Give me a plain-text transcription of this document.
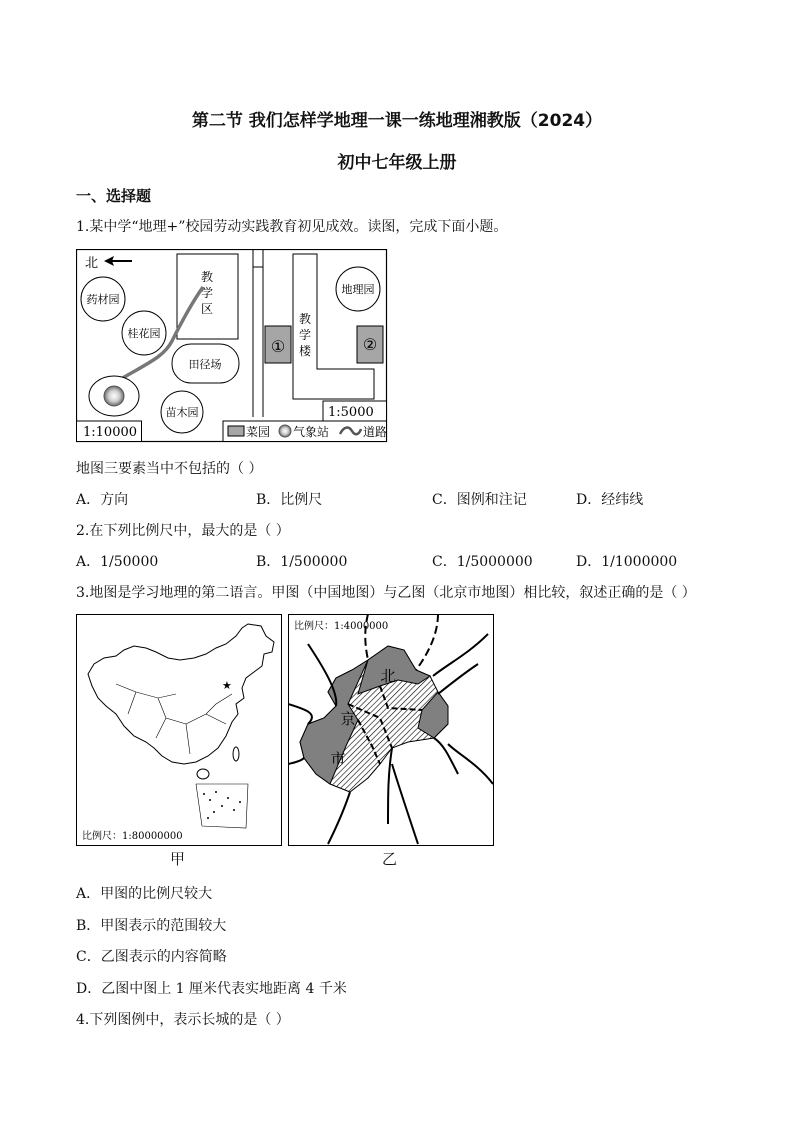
第二节 我们怎样学地理一课一练地理湘教版（2024）
初中七年级上册
一、选择题
1.某中学“地理+”校园劳动实践教育初见成效。读图，完成下面小题。
北
教
学
区
①
教
学
楼	②
地理园
药材园
桂花园
田径场
苗木园
1:10000
1:5000
菜园 气象站	道路
地图三要素当中不包括的（ ）
A．方向	B．比例尺	C．图例和注记	D．经纬线
2.在下列比例尺中，最大的是（ ）
A．1/50000	B．1/500000	C．1/5000000	D．1/1000000
3.地图是学习地理的第二语言。甲图（中国地图）与乙图（北京市地图）相比较，叙述正确的是（ ）
★
比例尺：1:80000000
甲
比例尺：1:4000000
北
京
市
乙
A．甲图的比例尺较大
B．甲图表示的范围较大
C．乙图表示的内容简略
D．乙图中图上 1 厘米代表实地距离 4 千米
4.下列图例中，表示长城的是（ ）
